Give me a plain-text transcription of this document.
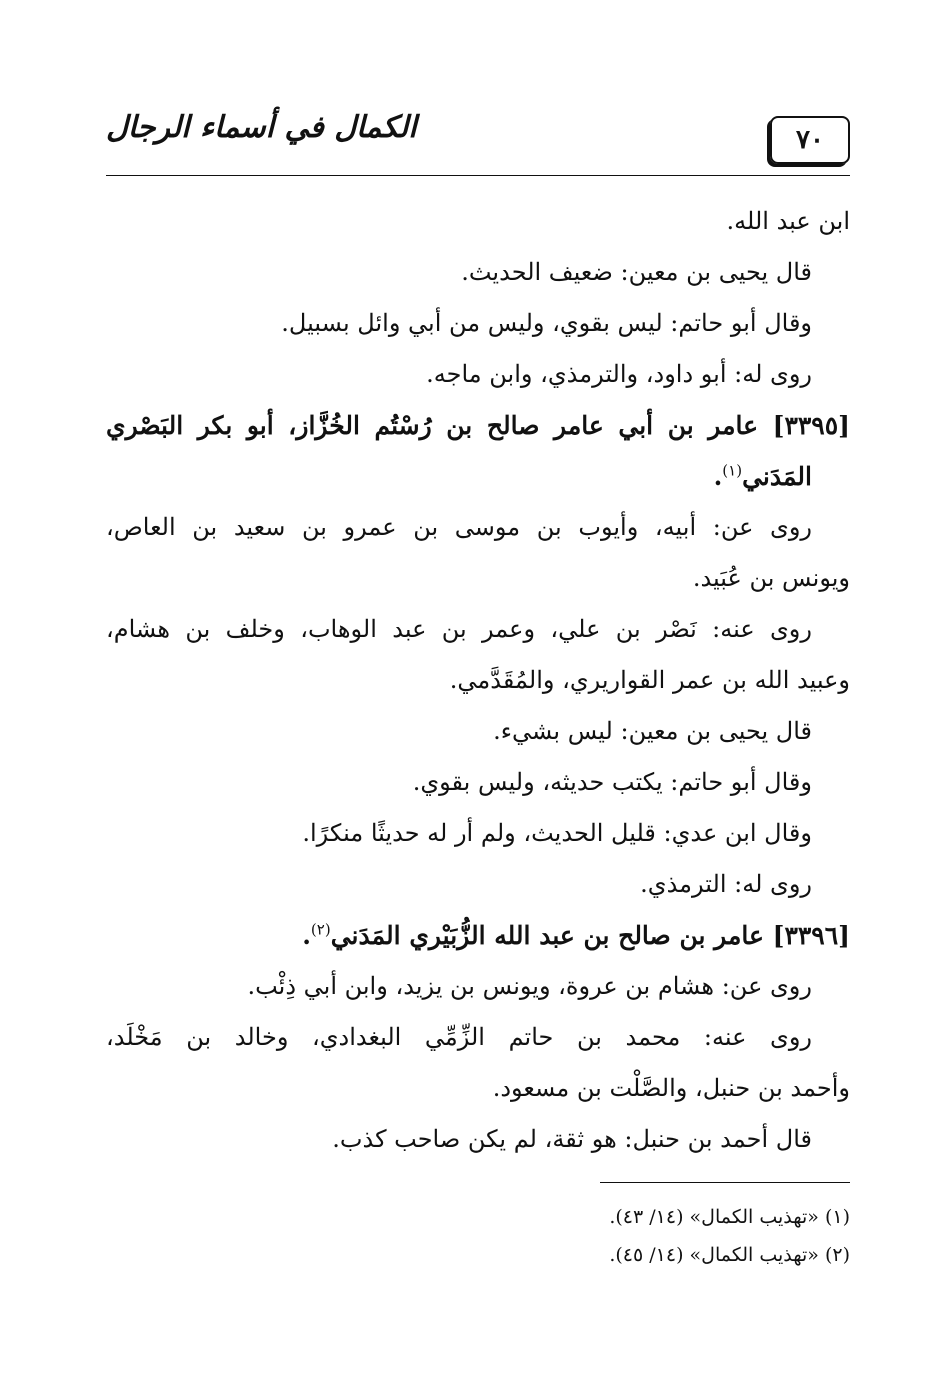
٧٠
الكمال في أسماء الرجال
ابن عبد الله.
قال يحيى بن معين: ضعيف الحديث.
وقال أبو حاتم: ليس بقوي، وليس من أبي وائل بسبيل.
روى له: أبو داود، والترمذي، وابن ماجه.
[٣٣٩٥] عامر بن أبي عامر صالح بن رُسْتُم الخُزَّاز، أبو بكر البَصْري
المَدَني$^{(١)}$.
روى عن: أبيه، وأيوب بن موسى بن عمرو بن سعيد بن العاص،
ويونس بن عُبَيد.
روى عنه: نَصْر بن علي، وعمر بن عبد الوهاب، وخلف بن هشام،
وعبيد الله بن عمر القواريري، والمُقَدَّمي.
قال يحيى بن معين: ليس بشيء.
وقال أبو حاتم: يكتب حديثه، وليس بقوي.
وقال ابن عدي: قليل الحديث، ولم أر له حديثًا منكرًا.
روى له: الترمذي.
[٣٣٩٦] عامر بن صالح بن عبد الله الزُّبَيْري المَدَني$^{(٢)}$.
روى عن: هشام بن عروة، ويونس بن يزيد، وابن أبي ذِئْب.
روى عنه: محمد بن حاتم الزِّمِّي البغدادي، وخالد بن مَخْلَد،
وأحمد بن حنبل، والصَّلْت بن مسعود.
قال أحمد بن حنبل: هو ثقة، لم يكن صاحب كذب.
(١) «تهذيب الكمال» (١٤/ ٤٣).
(٢) «تهذيب الكمال» (١٤/ ٤٥).
